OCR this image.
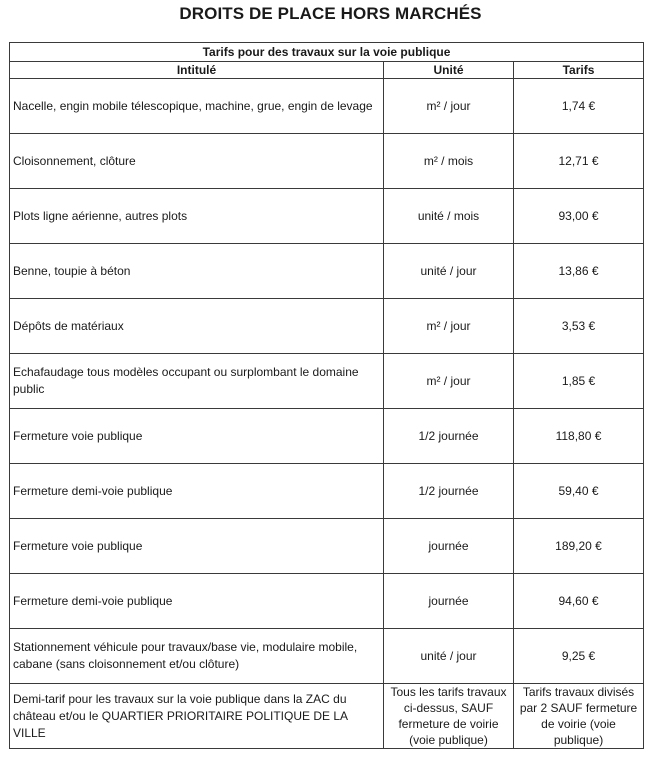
DROITS DE PLACE HORS MARCHÉS
Tarifs pour des travaux sur la voie publique		
Intitulé	Unité	Tarifs
Nacelle, engin mobile télescopique, machine, grue, engin de levage	m² / jour	1,74 €
Cloisonnement, clôture	m² / mois	12,71 €
Plots ligne aérienne, autres plots	unité / mois	93,00 €
Benne, toupie à béton	unité / jour	13,86 €
Dépôts de matériaux	m² / jour	3,53 €
Echafaudage tous modèles occupant ou surplombant le domaine public	m² / jour	1,85 €
Fermeture voie publique	1/2 journée	118,80 €
Fermeture demi-voie publique	1/2 journée	59,40 €
Fermeture voie publique	journée	189,20 €
Fermeture demi-voie publique	journée	94,60 €
Stationnement véhicule pour travaux/base vie, modulaire mobile, cabane (sans cloisonnement et/ou clôture)	unité / jour	9,25 €
Demi-tarif pour les travaux sur la voie publique dans la ZAC du château et/ou le QUARTIER PRIORITAIRE POLITIQUE DE LA VILLE	Tous les tarifs travaux ci-dessus, SAUF fermeture de voirie (voie publique)	Tarifs travaux divisés par 2 SAUF fermeture de voirie (voie publique)
